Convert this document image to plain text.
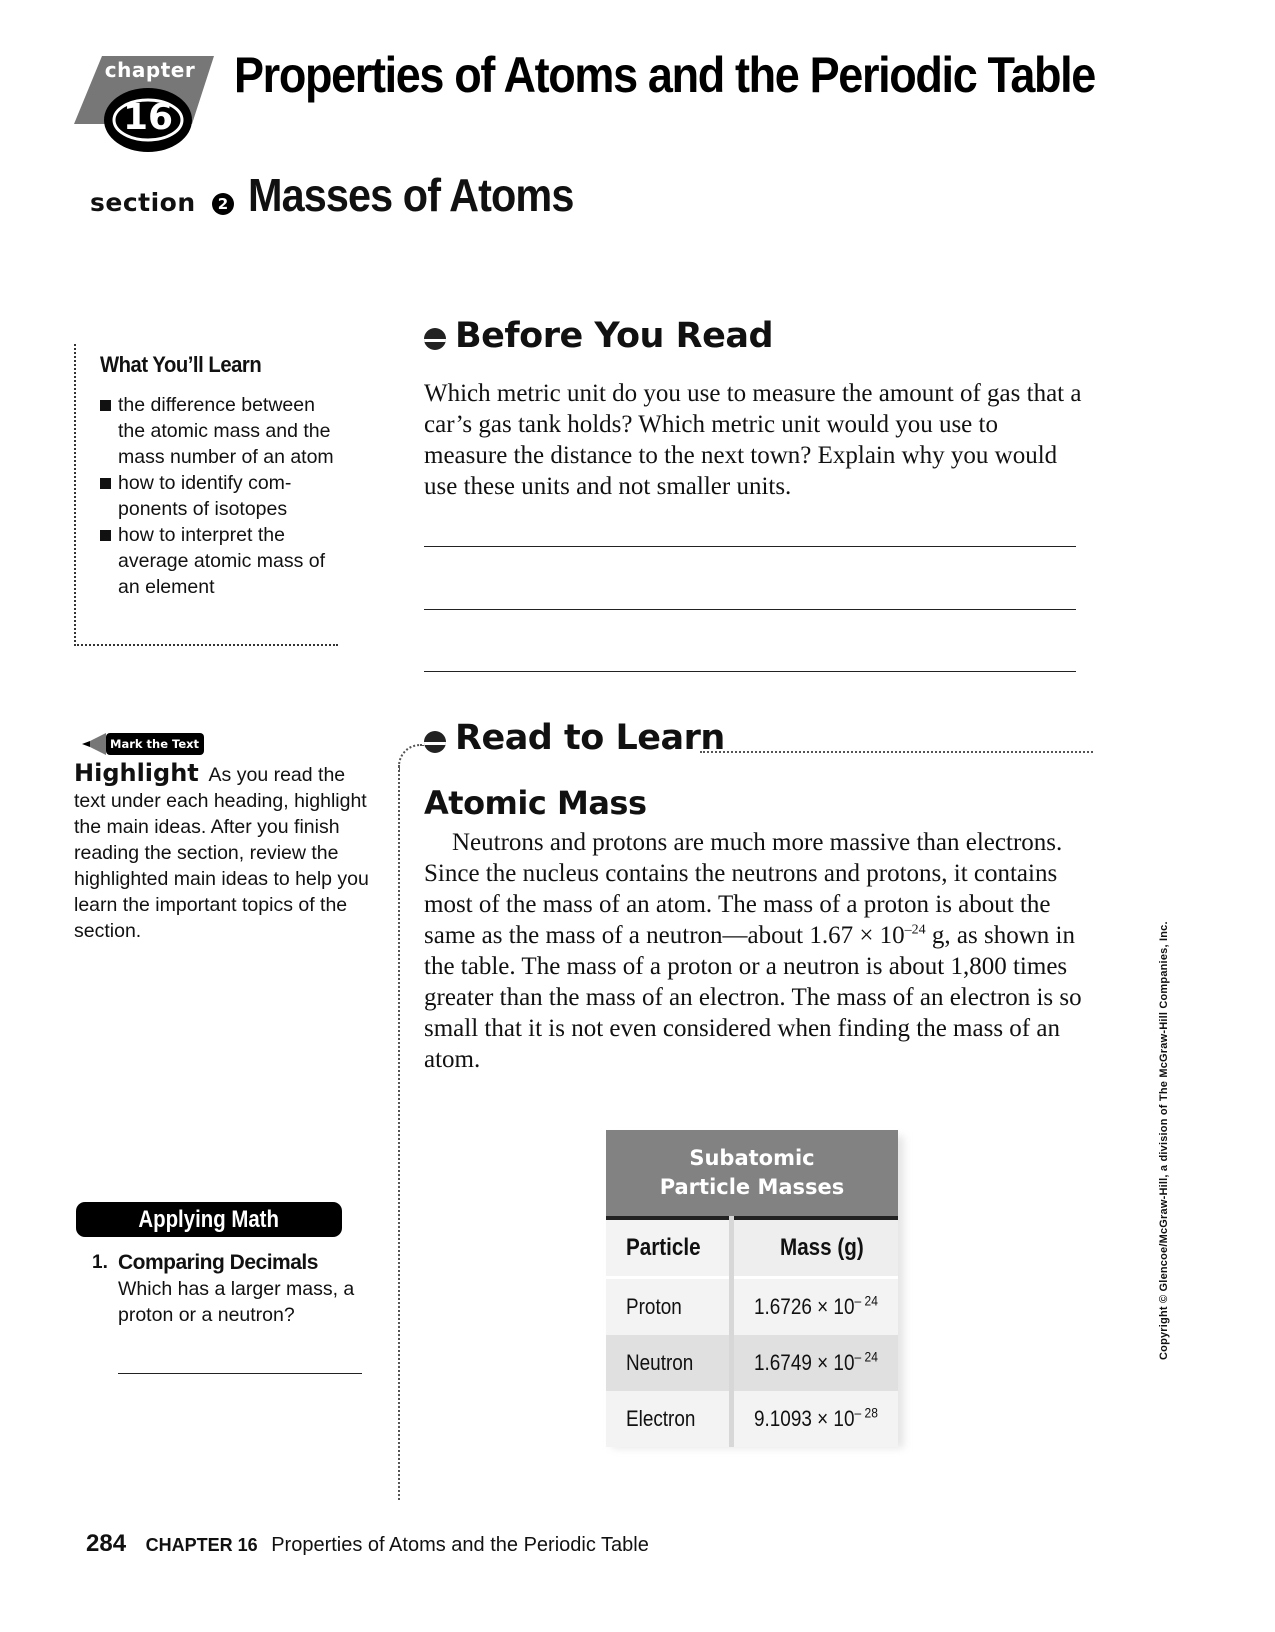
chapter
16
Properties of Atoms and the Periodic Table
section	2 Masses of Atoms
What You’ll Learn
the difference between the atomic mass and the mass number of an atom
how to identify com- ponents of isotopes
how to interpret the average atomic mass of an element
Before You Read

Which metric unit do you use to measure the amount of gas that a car’s gas tank holds? Which metric unit would you use to measure the distance to the next town? Explain why you would use these units and not smaller units.

Mark the Text

Highlight As you read the text under each heading, highlight the main ideas. After you finish reading the section, review the highlighted main ideas to help you learn the important topics of the section.

Read to Learn
Atomic Mass

Neutrons and protons are much more massive than electrons. Since the nucleus contains the neutrons and protons, it contains most of the mass of an atom. The mass of a proton is about the same as the mass of a neutron—about $1.67 \times 10^{-24}$ g, as shown in the table. The mass of a proton or a neutron is about 1,800 times greater than the mass of an electron. The mass of an electron is so small that it is not even considered when finding the mass of an atom.

Applying Math
1. Comparing Decimals  Which has a larger mass, a proton or a neutron?

Subatomic
Particle Masses	

Particle	Mass (g)
Proton	$1.6726 \times 10^{- 24}$
Neutron	$1.6749 \times 10^{- 24}$
Electron	$9.1093 \times 10^{- 28}$
Copyright © Glencoe/McGraw-Hill, a division of The McGraw-Hill Companies, Inc.
284 CHAPTER 16 Properties of Atoms and the Periodic Table
